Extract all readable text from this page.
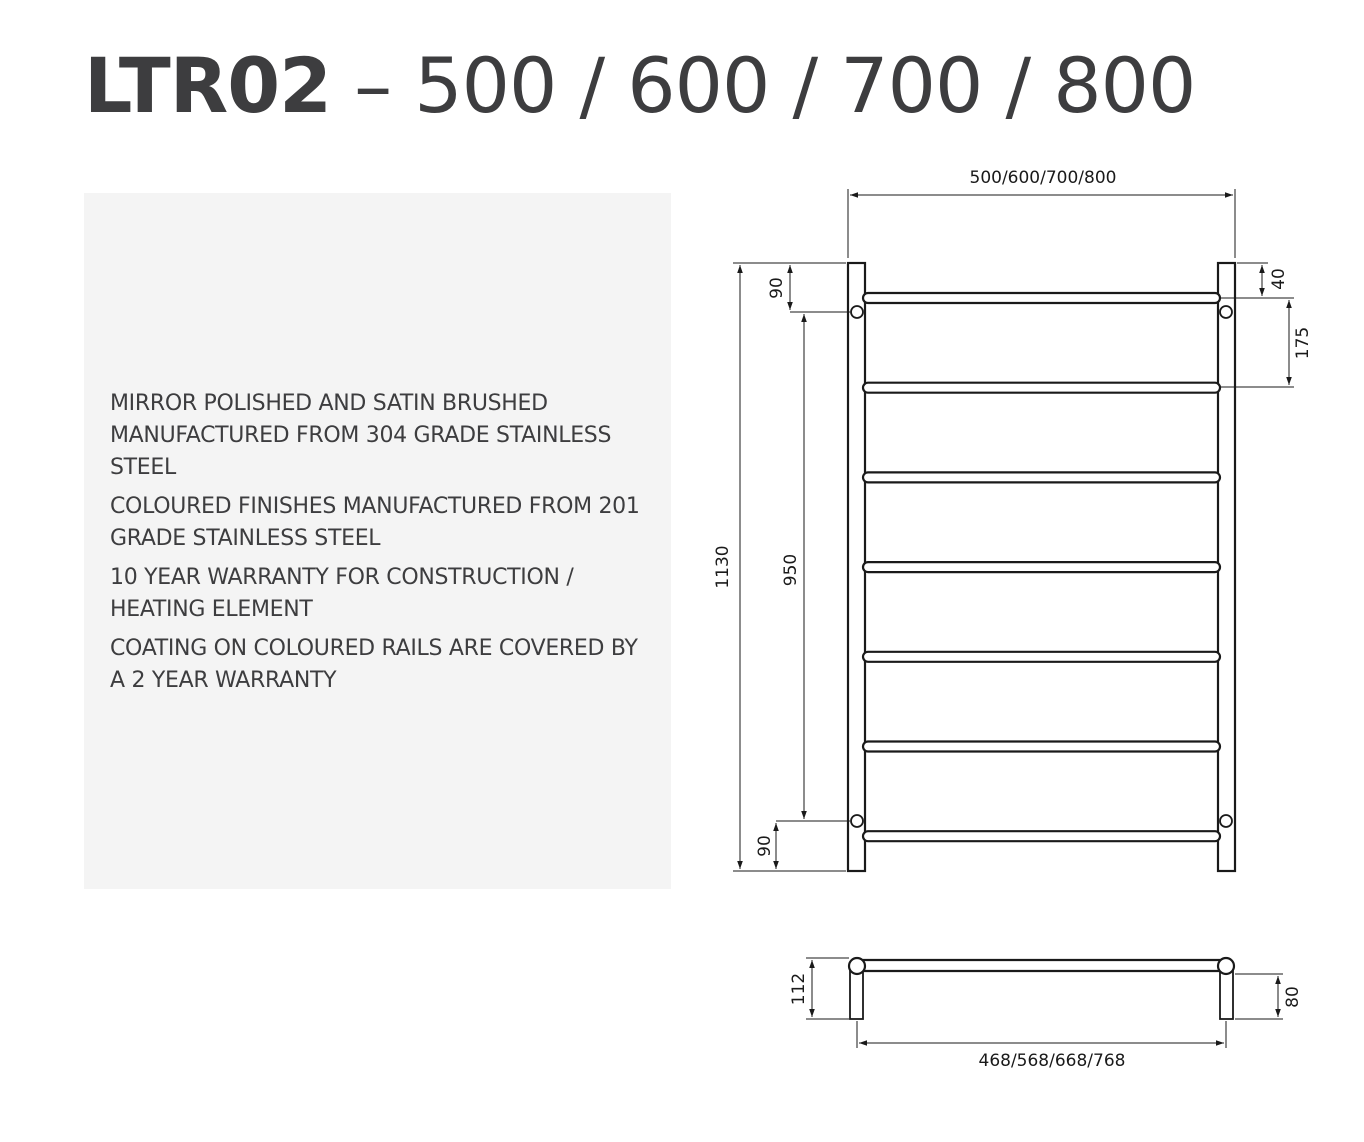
LTR02 – 500 / 600 / 700 / 800
MIRROR POLISHED AND SATIN BRUSHED MANUFACTURED FROM 304 GRADE STAINLESS STEEL
COLOURED FINISHES MANUFACTURED FROM 201 GRADE STAINLESS STEEL
10 YEAR WARRANTY FOR CONSTRUCTION / HEATING ELEMENT
COATING ON COLOURED RAILS ARE COVERED BY A 2 YEAR WARRANTY
500/600/700/800
1130	950
90
90
40
175
112	80
468/568/668/768
